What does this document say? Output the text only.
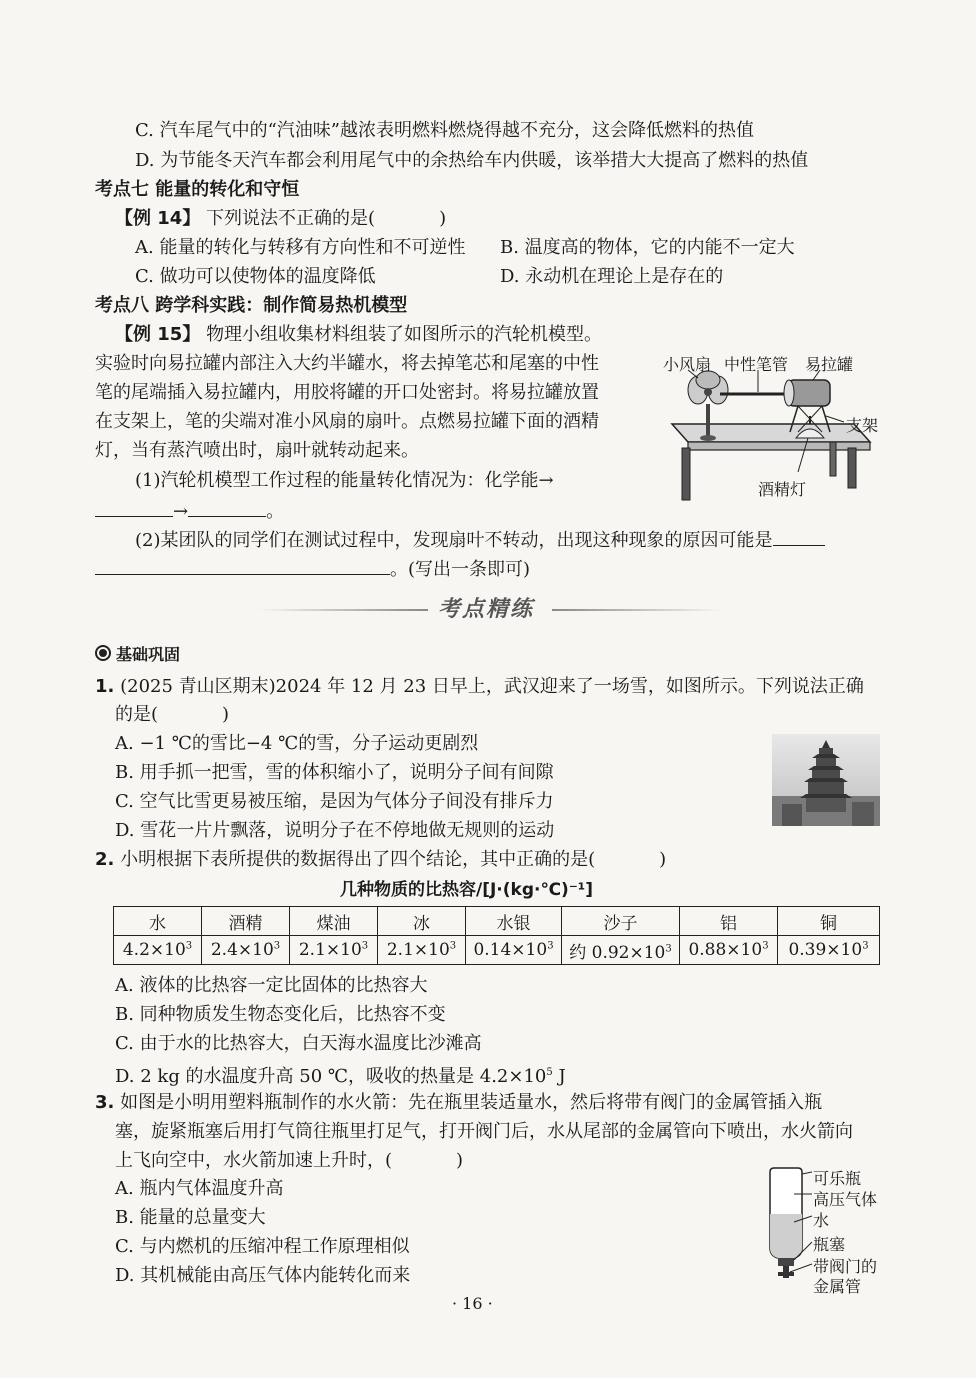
C. 汽车尾气中的“汽油味”越浓表明燃料燃烧得越不充分，这会降低燃料的热值
D. 为节能冬天汽车都会利用尾气中的余热给车内供暖，该举措大大提高了燃料的热值
考点七 能量的转化和守恒
【例 14】 下列说法不正确的是(	)
A. 能量的转化与转移有方向性和不可逆性 B. 温度高的物体，它的内能不一定大
C. 做功可以使物体的温度降低	D. 永动机在理论上是存在的
考点八 跨学科实践：制作简易热机模型
【例 15】 物理小组收集材料组装了如图所示的汽轮机模型。
实验时向易拉罐内部注入大约半罐水，将去掉笔芯和尾塞的中性
笔的尾端插入易拉罐内，用胶将罐的开口处密封。将易拉罐放置
在支架上，笔的尖端对准小风扇的扇叶。点燃易拉罐下面的酒精
灯，当有蒸汽喷出时，扇叶就转动起来。
(1)汽轮机模型工作过程的能量转化情况为：化学能→
→	。
(2)某团队的同学们在测试过程中，发现扇叶不转动，出现这种现象的原因可能是
。(写出一条即可)
小风扇 中性笔管 易拉罐
支架
酒精灯
考点精练
基础巩固
1. (2025 青山区期末)2024 年 12 月 23 日早上，武汉迎来了一场雪，如图所示。下列说法正确
的是(	)
A. −1 ℃的雪比−4 ℃的雪，分子运动更剧烈
B. 用手抓一把雪，雪的体积缩小了，说明分子间有间隙
C. 空气比雪更易被压缩，是因为气体分子间没有排斥力
D. 雪花一片片飘落，说明分子在不停地做无规则的运动
2. 小明根据下表所提供的数据得出了四个结论，其中正确的是(	)
几种物质的比热容/[J·(kg·℃)⁻¹]
水	酒精	煤油	冰	水银	沙子	铝	铜
$4.2\times 10^3$	$2.4\times 10^3$	$2.1\times 10^3$	$2.1\times 10^3$	$0.14\times 10^3$	约 $0.92\times 10^3$	$0.88\times 10^3$	$0.39\times 10^3$
A. 液体的比热容一定比固体的比热容大
B. 同种物质发生物态变化后，比热容不变
C. 由于水的比热容大，白天海水温度比沙滩高
D. 2 kg 的水温度升高 50 ℃，吸收的热量是 $4.2\times 10^5$ J
3. 如图是小明用塑料瓶制作的水火箭：先在瓶里装适量水，然后将带有阀门的金属管插入瓶
塞，旋紧瓶塞后用打气筒往瓶里打足气，打开阀门后，水从尾部的金属管向下喷出，水火箭向
上飞向空中，水火箭加速上升时，(	)
A. 瓶内气体温度升高
B. 能量的总量变大
C. 与内燃机的压缩冲程工作原理相似
D. 其机械能由高压气体内能转化而来
可乐瓶
高压气体
水
瓶塞
带阀门的
金属管
· 16 ·
